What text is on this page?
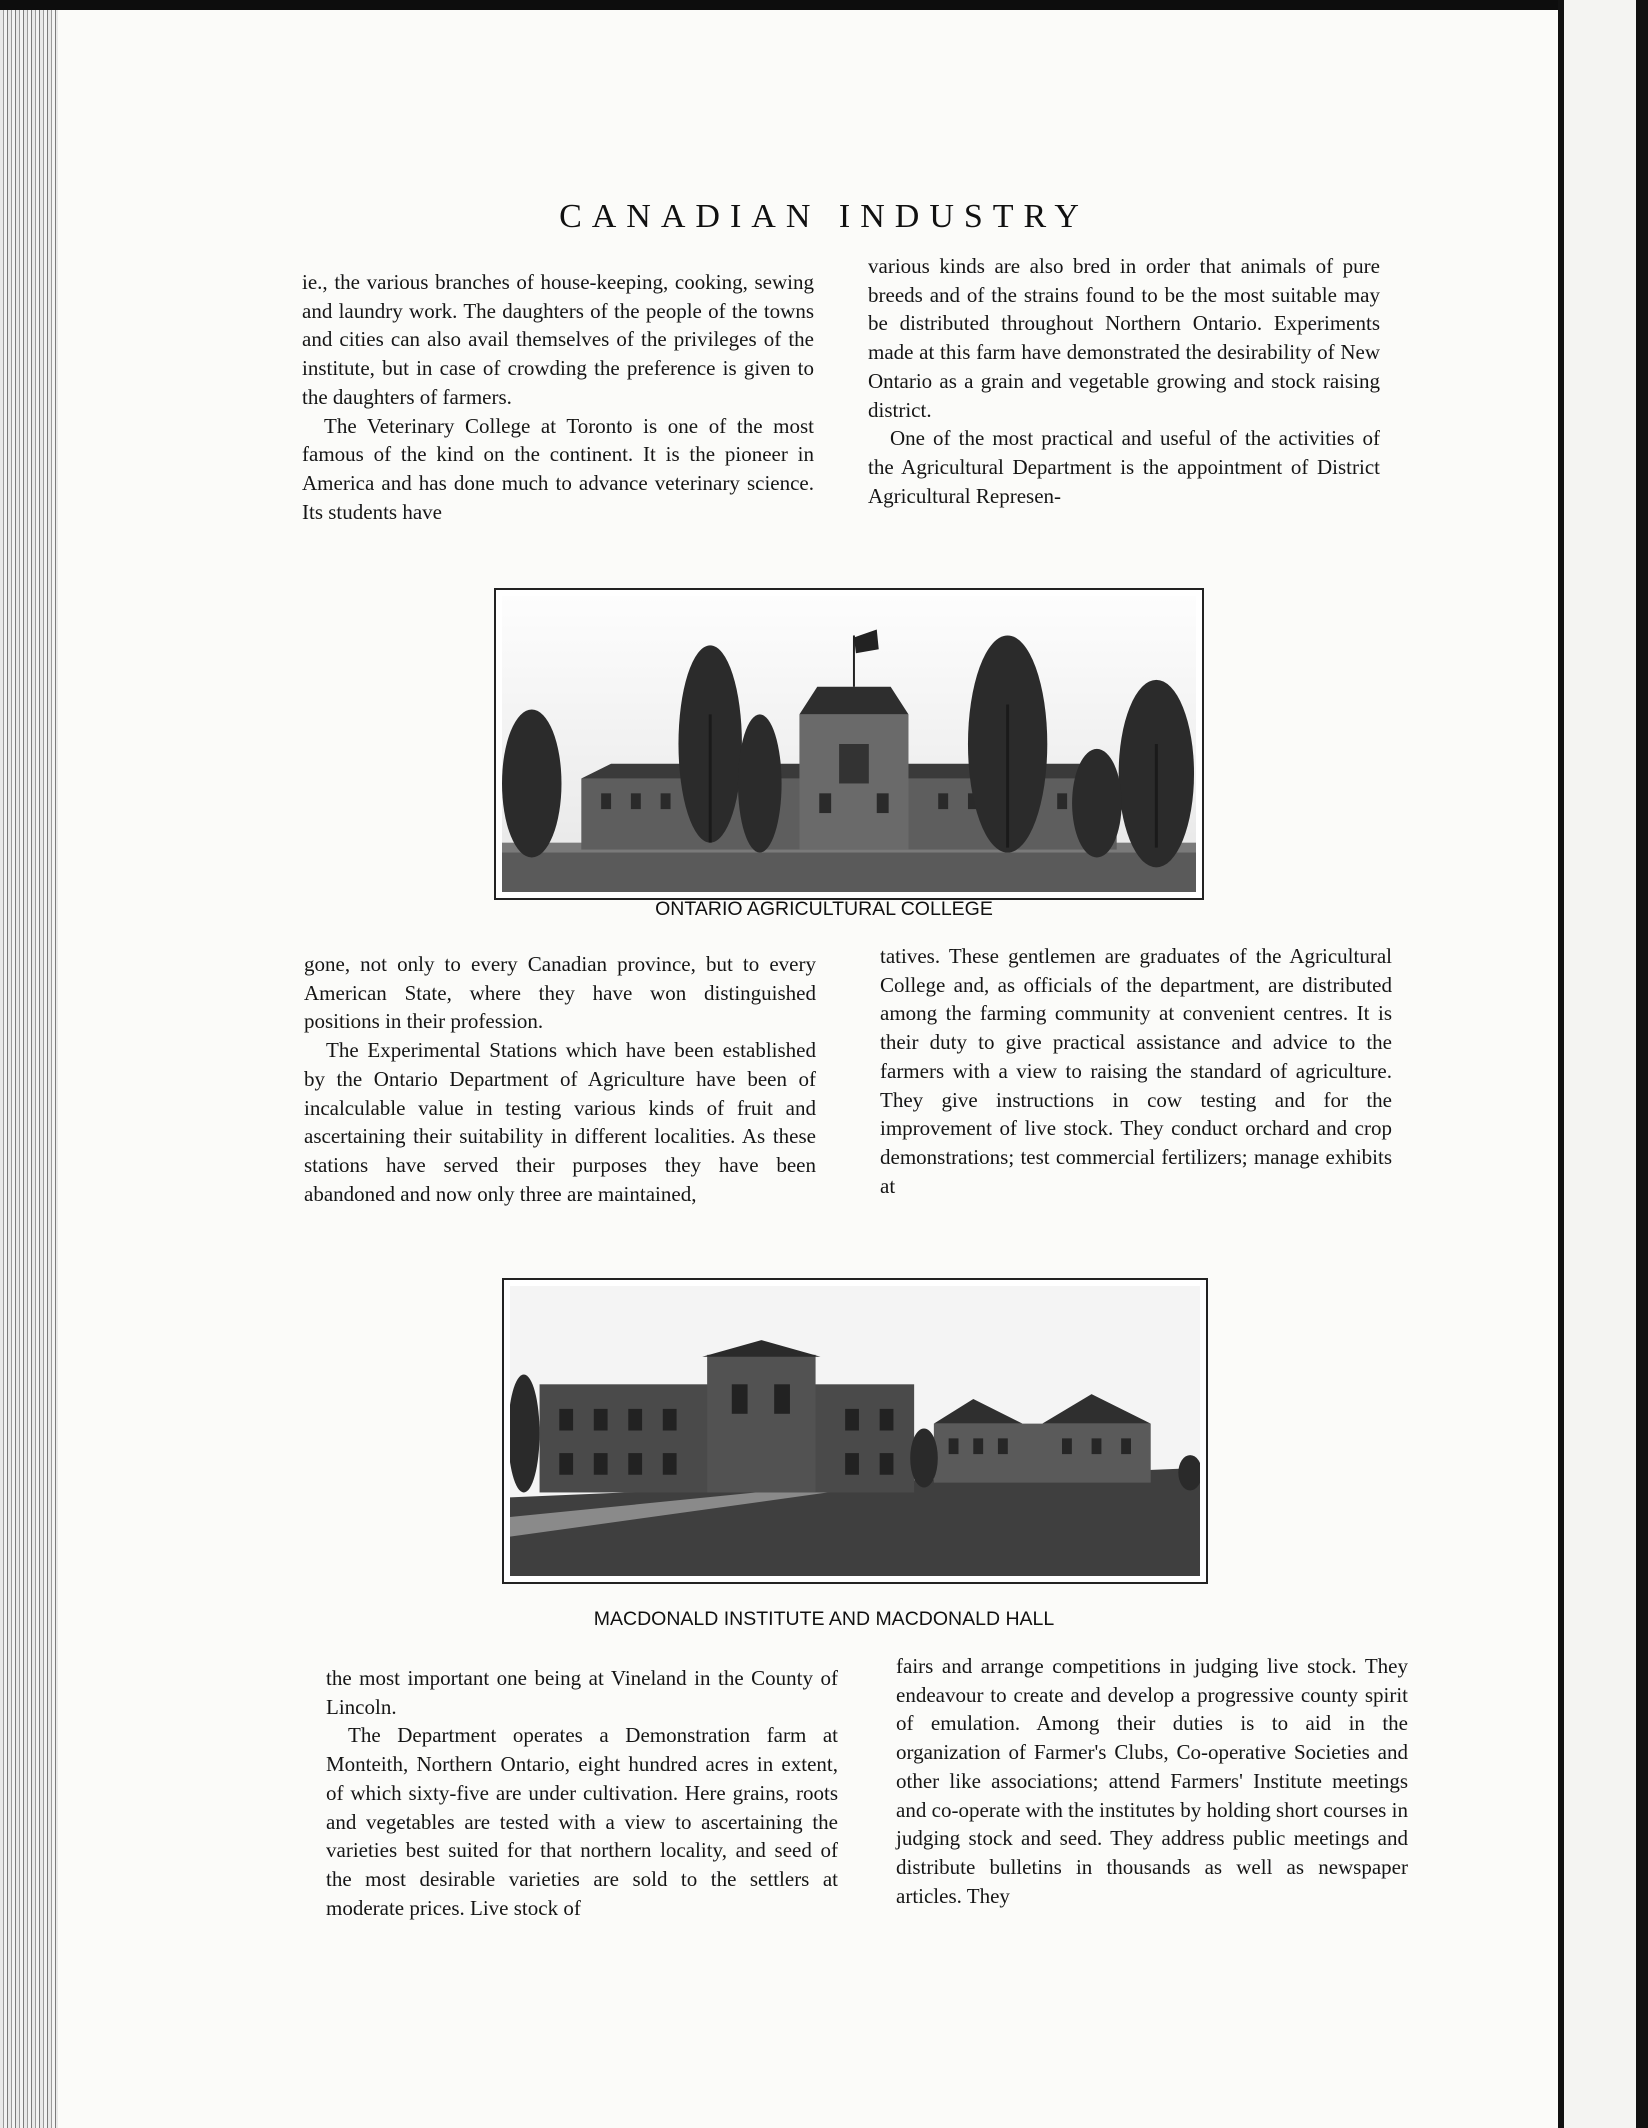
CANADIAN INDUSTRY

ie., the various branches of house-keeping, cooking, sewing and laundry work. The daughters of the people of the towns and cities can also avail themselves of the privileges of the institute, but in case of crowding the preference is given to the daughters of farmers.

The Veterinary College at Toronto is one of the most famous of the kind on the continent. It is the pioneer in America and has done much to advance veterinary science. Its students have

various kinds are also bred in order that animals of pure breeds and of the strains found to be the most suitable may be distributed throughout Northern Ontario. Experiments made at this farm have demonstrated the desirability of New Ontario as a grain and vegetable growing and stock raising district.

One of the most practical and useful of the activities of the Agricultural Department is the appointment of District Agricultural Represen-

ONTARIO AGRICULTURAL COLLEGE

gone, not only to every Canadian province, but to every American State, where they have won distinguished positions in their profession.

The Experimental Stations which have been established by the Ontario Department of Agriculture have been of incalculable value in testing various kinds of fruit and ascertaining their suitability in different localities. As these stations have served their purposes they have been abandoned and now only three are maintained,

tatives. These gentlemen are graduates of the Agricultural College and, as officials of the department, are distributed among the farming community at convenient centres. It is their duty to give practical assistance and advice to the farmers with a view to raising the standard of agriculture. They give instructions in cow testing and for the improvement of live stock. They conduct orchard and crop demonstrations; test commercial fertilizers; manage exhibits at

MACDONALD INSTITUTE AND MACDONALD HALL

the most important one being at Vineland in the County of Lincoln.

The Department operates a Demonstration farm at Monteith, Northern Ontario, eight hundred acres in extent, of which sixty-five are under cultivation. Here grains, roots and vegetables are tested with a view to ascertaining the varieties best suited for that northern locality, and seed of the most desirable varieties are sold to the settlers at moderate prices. Live stock of

fairs and arrange competitions in judging live stock. They endeavour to create and develop a progressive county spirit of emulation. Among their duties is to aid in the organization of Farmer's Clubs, Co-operative Societies and other like associations; attend Farmers' Institute meetings and co-operate with the institutes by holding short courses in judging stock and seed. They address public meetings and distribute bulletins in thousands as well as newspaper articles. They
